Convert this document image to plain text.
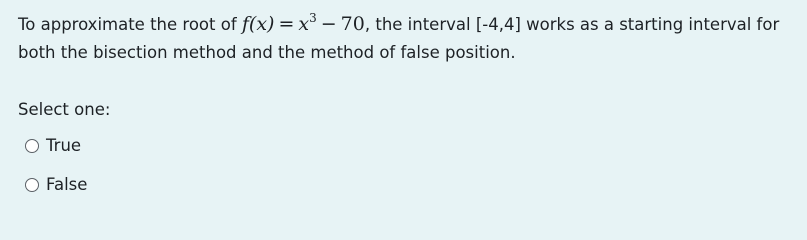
To approximate the root of $f(x) = x^3 - 70$, the interval [-4,4] works as a starting interval for both the bisection method and the method of false position.
Select one:
True
False
